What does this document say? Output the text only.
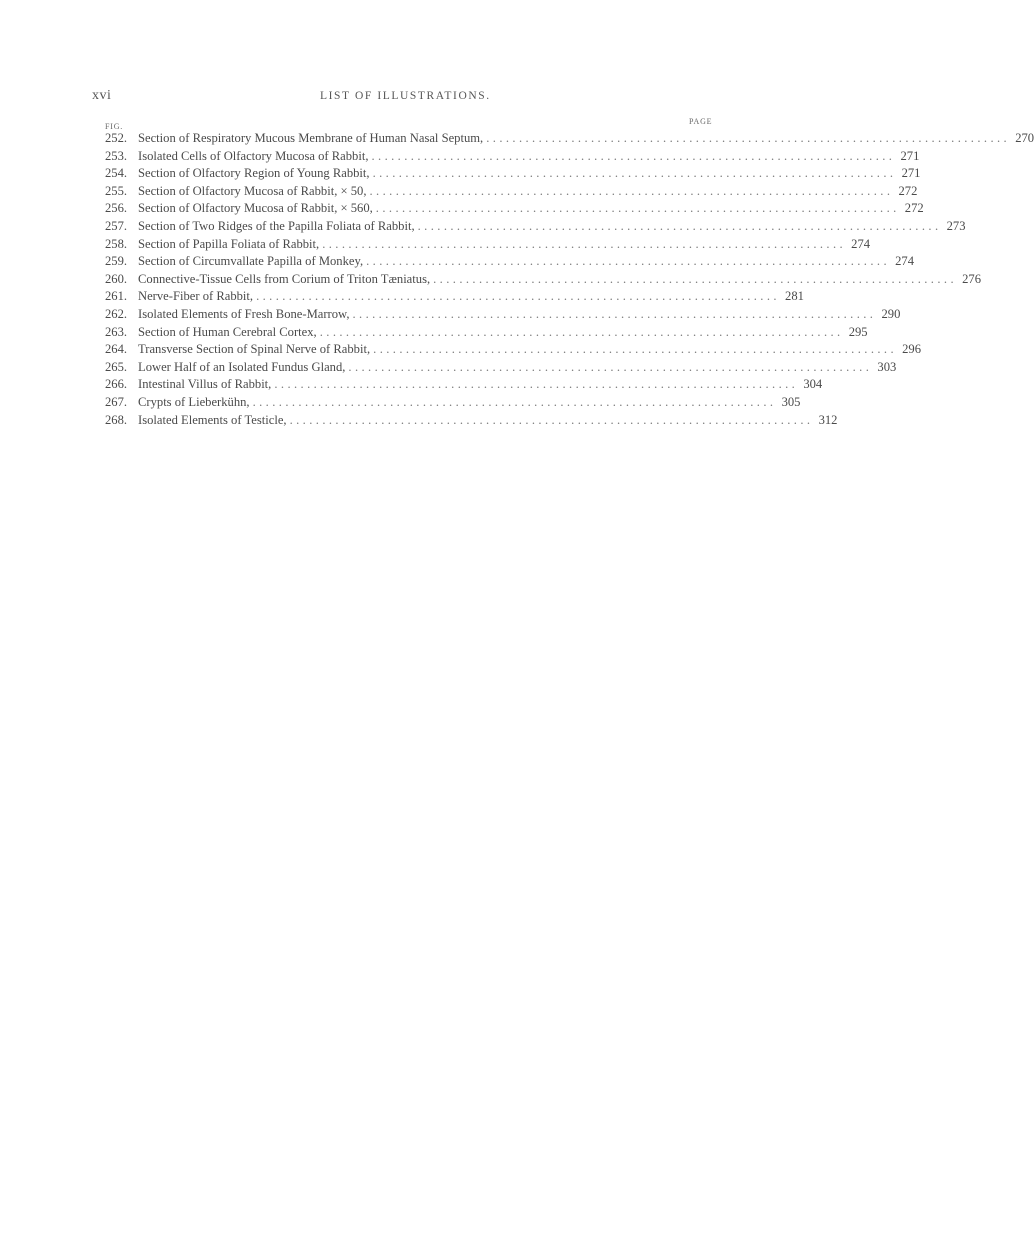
xvi	LIST OF ILLUSTRATIONS.
FIG.
PAGE
252. Section of Respiratory Mucous Membrane of Human Nasal Septum, ................................................................................ 270
253. Isolated Cells of Olfactory Mucosa of Rabbit, ................................................................................ 271
254. Section of Olfactory Region of Young Rabbit, ................................................................................ 271
255. Section of Olfactory Mucosa of Rabbit, × 50, ................................................................................ 272
256. Section of Olfactory Mucosa of Rabbit, × 560, ................................................................................ 272
257. Section of Two Ridges of the Papilla Foliata of Rabbit, ................................................................................ 273
258. Section of Papilla Foliata of Rabbit, ................................................................................ 274
259. Section of Circumvallate Papilla of Monkey, ................................................................................ 274
260. Connective-Tissue Cells from Corium of Triton Tæniatus, ................................................................................ 276
261. Nerve-Fiber of Rabbit, ................................................................................ 281
262. Isolated Elements of Fresh Bone-Marrow, ................................................................................ 290
263. Section of Human Cerebral Cortex, ................................................................................ 295
264. Transverse Section of Spinal Nerve of Rabbit, ................................................................................ 296
265. Lower Half of an Isolated Fundus Gland, ................................................................................ 303
266. Intestinal Villus of Rabbit, ................................................................................ 304
267. Crypts of Lieberkühn, ................................................................................ 305
268. Isolated Elements of Testicle, ................................................................................ 312
